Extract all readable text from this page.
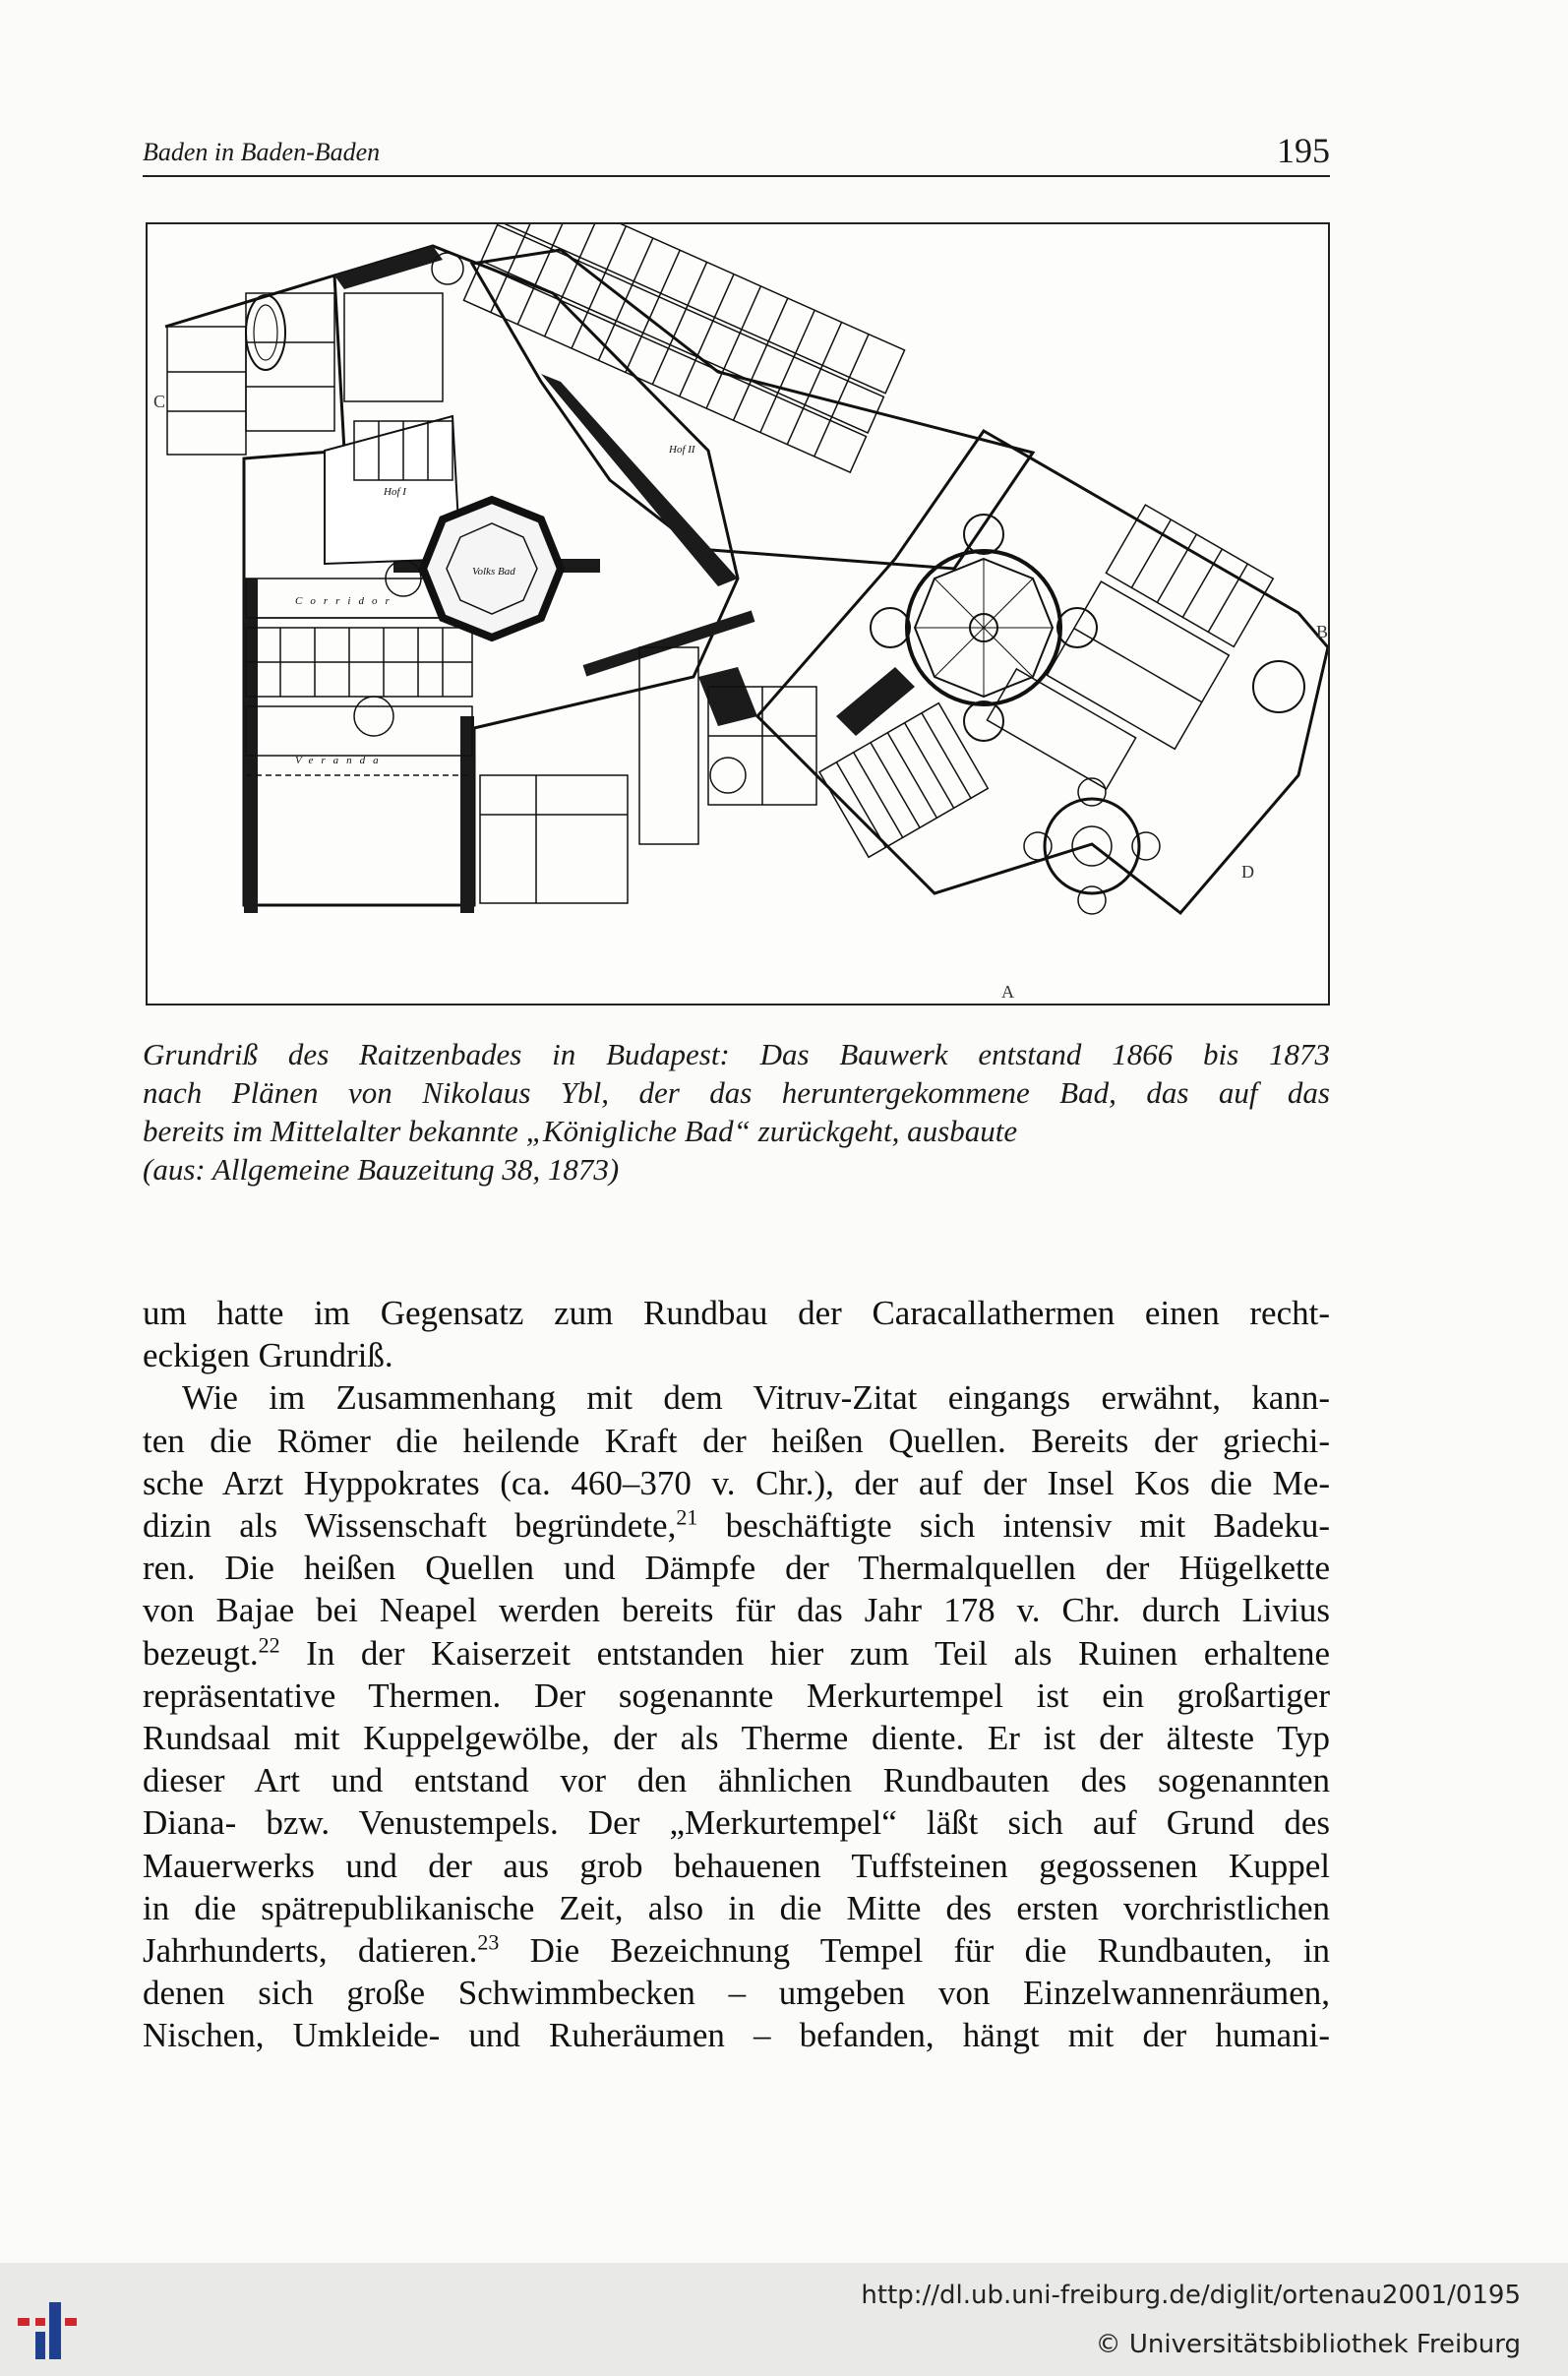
Baden in Baden-Baden	195
Hof I
Hof II
Volks Bad
Corridor
Veranda
C
B
D
A
Grundriß des Raitzenbades in Budapest: Das Bauwerk entstand 1866 bis 1873
nach Plänen von Nikolaus Ybl, der das heruntergekommene Bad, das auf das
bereits im Mittelalter bekannte „Königliche Bad“ zurückgeht, ausbaute
(aus: Allgemeine Bauzeitung 38, 1873)
um hatte im Gegensatz zum Rundbau der Caracallathermen einen recht-
eckigen Grundriß.
Wie im Zusammenhang mit dem Vitruv-Zitat eingangs erwähnt, kann-
ten die Römer die heilende Kraft der heißen Quellen. Bereits der griechi-
sche Arzt Hyppokrates (ca. 460–370 v. Chr.), der auf der Insel Kos die Me-
dizin als Wissenschaft begründete,$^{21}$ beschäftigte sich intensiv mit Badeku-
ren. Die heißen Quellen und Dämpfe der Thermalquellen der Hügelkette
von Bajae bei Neapel werden bereits für das Jahr 178 v. Chr. durch Livius
bezeugt.$^{22}$ In der Kaiserzeit entstanden hier zum Teil als Ruinen erhaltene
repräsentative Thermen. Der sogenannte Merkurtempel ist ein großartiger
Rundsaal mit Kuppelgewölbe, der als Therme diente. Er ist der älteste Typ
dieser Art und entstand vor den ähnlichen Rundbauten des sogenannten
Diana- bzw. Venustempels. Der „Merkurtempel“ läßt sich auf Grund des
Mauerwerks und der aus grob behauenen Tuffsteinen gegossenen Kuppel
in die spätrepublikanische Zeit, also in die Mitte des ersten vorchristlichen
Jahrhunderts, datieren.$^{23}$ Die Bezeichnung Tempel für die Rundbauten, in
denen sich große Schwimmbecken – umgeben von Einzelwannenräumen,
Nischen, Umkleide- und Ruheräumen – befanden, hängt mit der humani-
http://dl.ub.uni-freiburg.de/diglit/ortenau2001/0195
© Universitätsbibliothek Freiburg
